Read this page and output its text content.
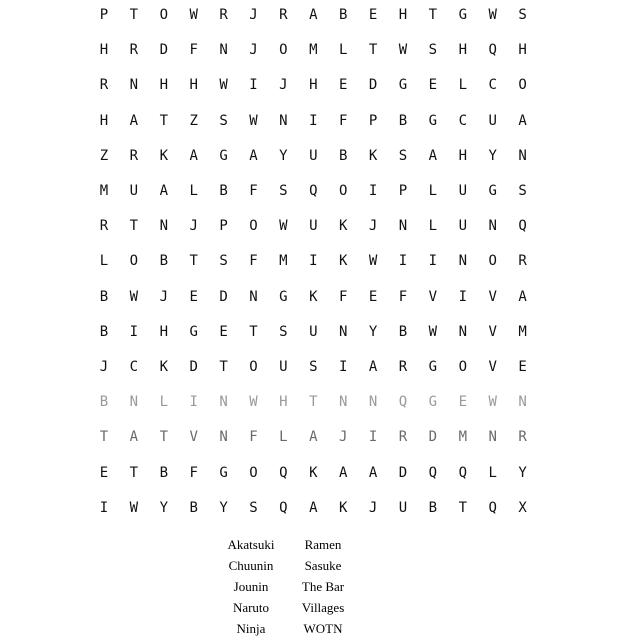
P	T	O	W	R	J	R	A	B	E	H	T	G	W	S
H	R	D	F	N	J	O	M	L	T	W	S	H	Q	H
R	N	H	H	W	I	J	H	E	D	G	E	L	C	O
H	A	T	Z	S	W	N	I	F	P	B	G	C	U	A
Z	R	K	A	G	A	Y	U	B	K	S	A	H	Y	N
M	U	A	L	B	F	S	Q	O	I	P	L	U	G	S
R	T	N	J	P	O	W	U	K	J	N	L	U	N	Q
L	O	B	T	S	F	M	I	K	W	I	I	N	O	R
B	W	J	E	D	N	G	K	F	E	F	V	I	V	A
B	I	H	G	E	T	S	U	N	Y	B	W	N	V	M
J	C	K	D	T	O	U	S	I	A	R	G	O	V	E
B	N	L	I	N	W	H	T	N	N	Q	G	E	W	N
T	A	T	V	N	F	L	A	J	I	R	D	M	N	R
E	T	B	F	G	O	Q	K	A	A	D	Q	Q	L	Y
I	W	Y	B	Y	S	Q	A	K	J	U	B	T	Q	X
Akatsuki
Chuunin
Jounin
Naruto
Ninja
Ramen
Sasuke
The Bar
Villages
WOTN
